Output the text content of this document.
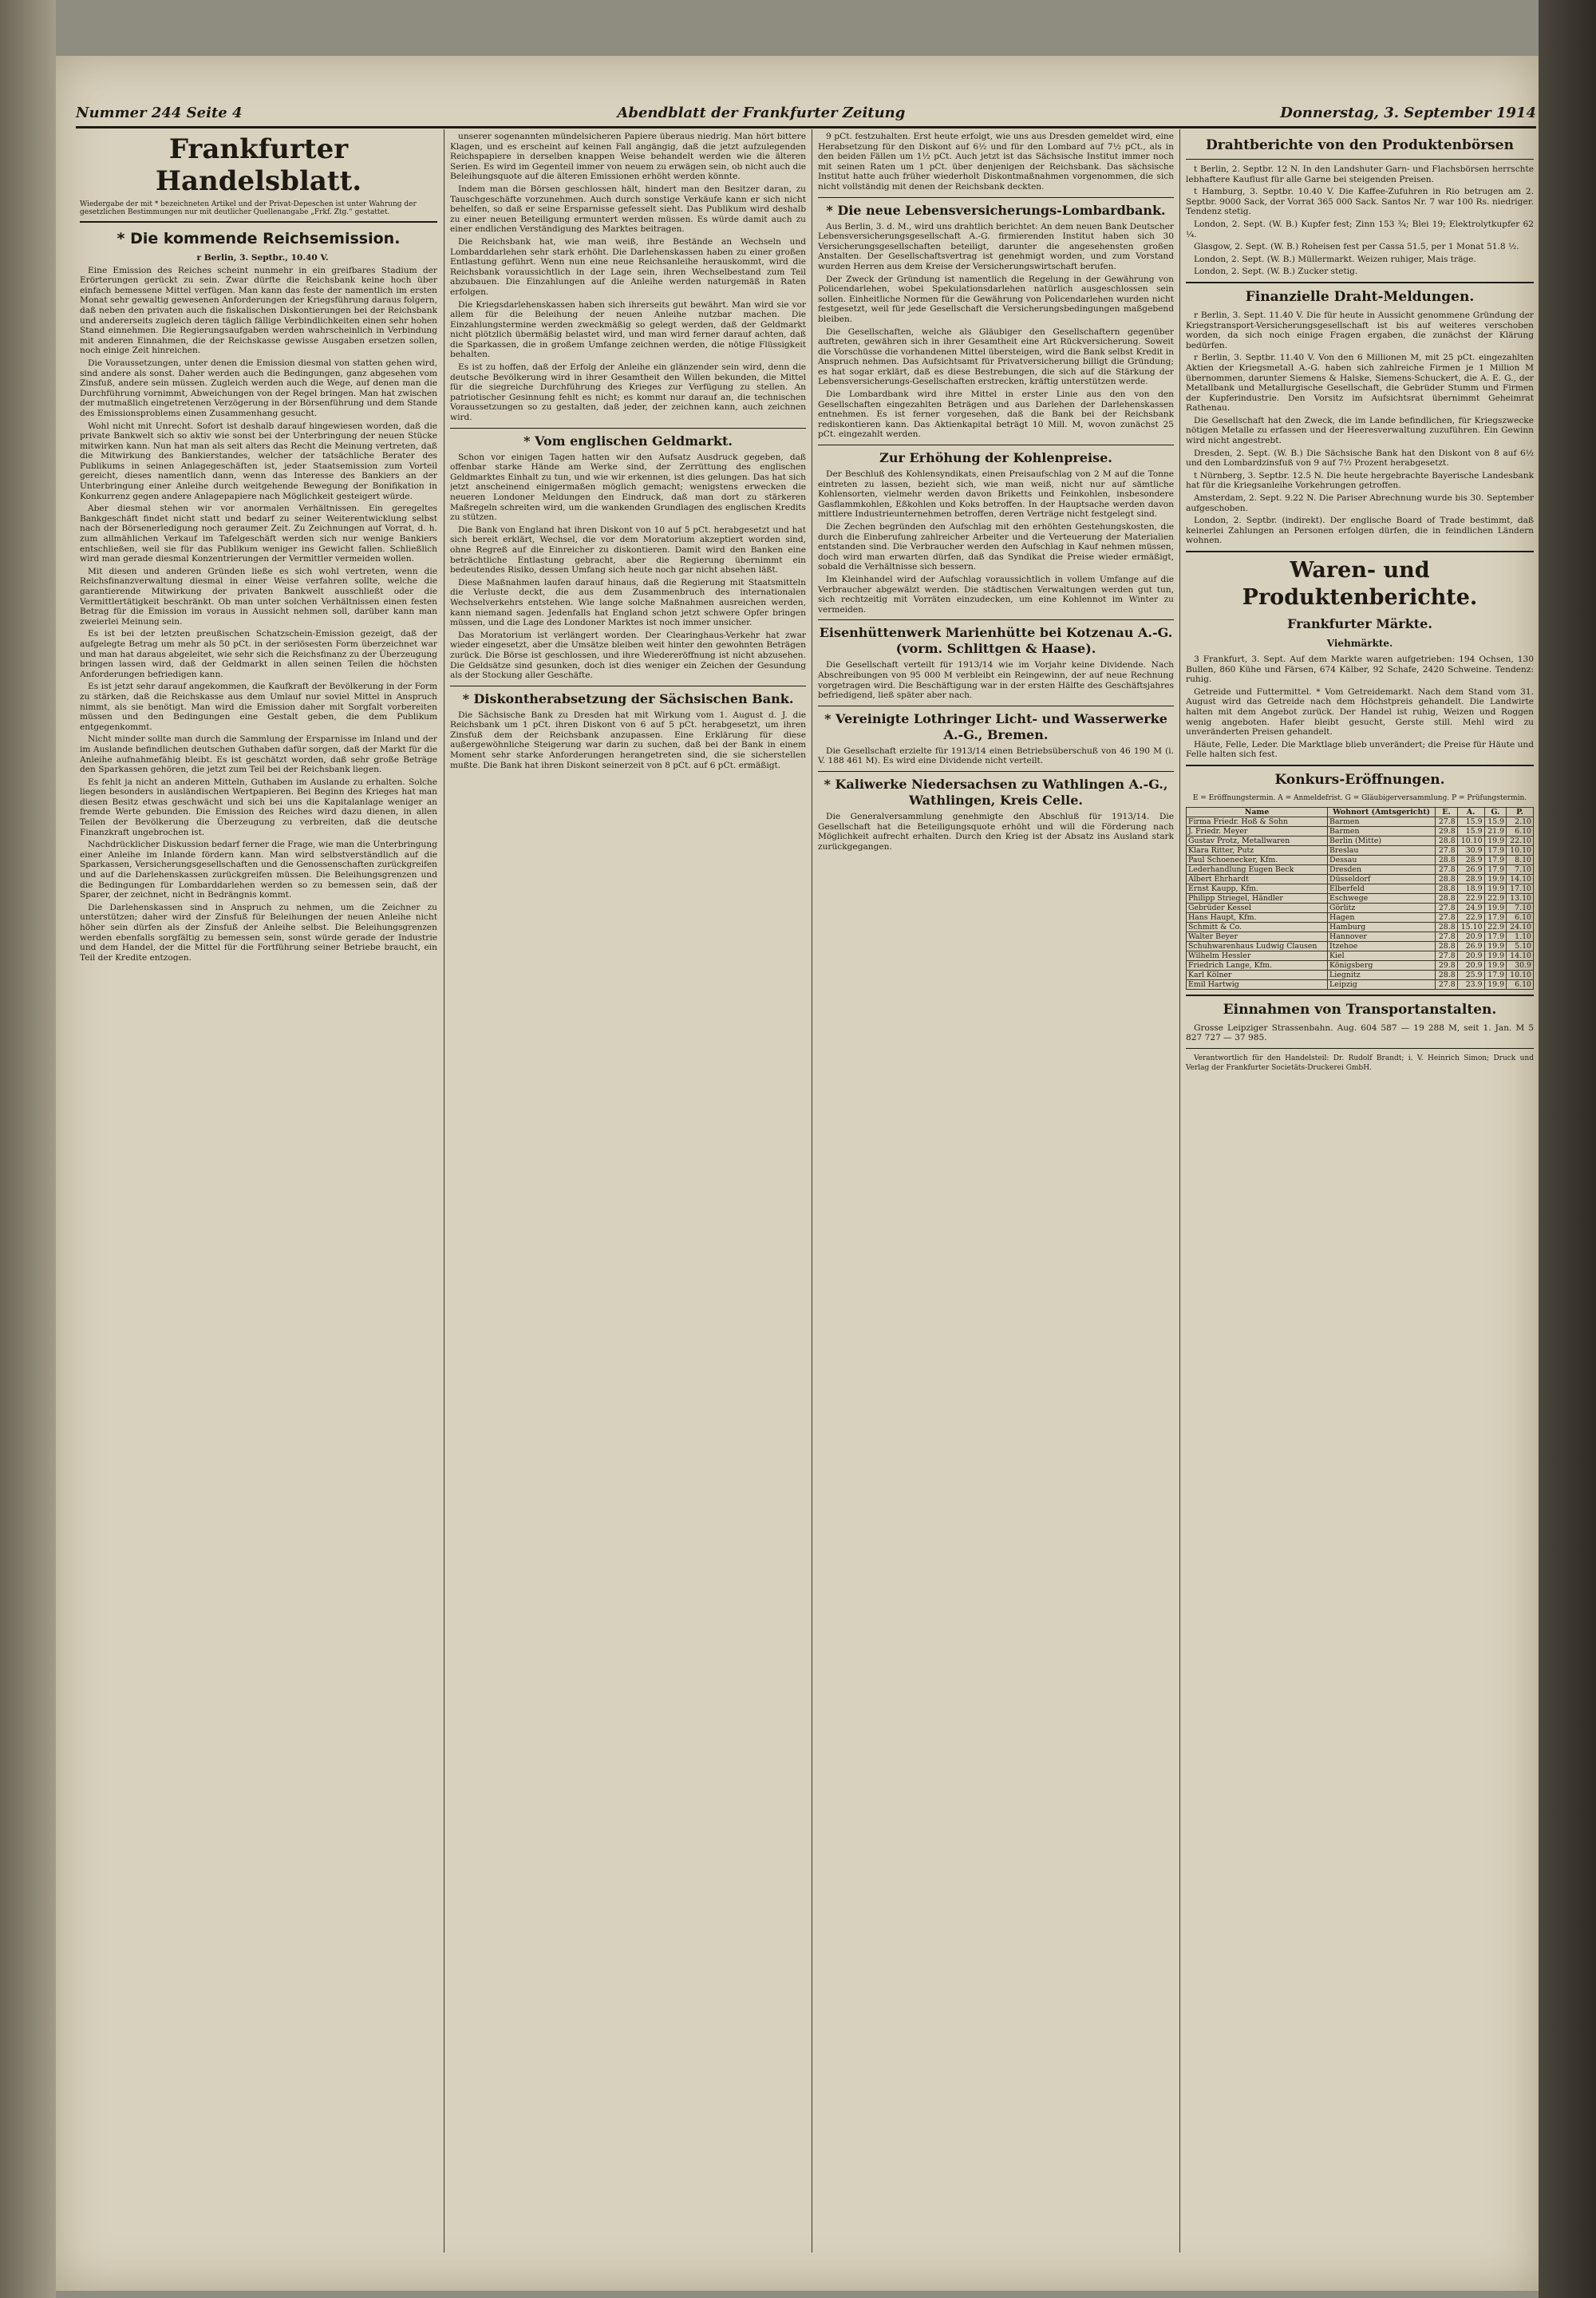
Nummer 244 Seite 4	Abendblatt der Frankfurter Zeitung	Donnerstag, 3. September 1914
Frankfurter Handelsblatt.
Wiedergabe der mit * bezeichneten Artikel und der Privat-Depeschen ist unter Wahrung der gesetzlichen Bestimmungen nur mit deutlicher Quellenangabe „Frkf. Ztg.“ gestattet.
* Die kommende Reichsemission.

r Berlin, 3. Septbr., 10.40 V.

Eine Emission des Reiches scheint nunmehr in ein greifbares Stadium der Erörterungen gerückt zu sein. Zwar dürfte die Reichsbank keine hoch über einfach bemessene Mittel verfügen. Man kann das feste der namentlich im ersten Monat sehr gewaltig gewesenen Anforderungen der Kriegsführung daraus folgern, daß neben den privaten auch die fiskalischen Diskontierungen bei der Reichsbank und andererseits zugleich deren täglich fällige Verbindlichkeiten einen sehr hohen Stand einnehmen. Die Regierungsaufgaben werden wahrscheinlich in Verbindung mit anderen Einnahmen, die der Reichskasse gewisse Ausgaben ersetzen sollen, noch einige Zeit hinreichen.

Die Voraussetzungen, unter denen die Emission diesmal von statten gehen wird, sind andere als sonst. Daher werden auch die Bedingungen, ganz abgesehen vom Zinsfuß, andere sein müssen. Zugleich werden auch die Wege, auf denen man die Durchführung vornimmt, Abweichungen von der Regel bringen. Man hat zwischen der mutmaßlich eingetretenen Verzögerung in der Börsenführung und dem Stande des Emissionsproblems einen Zusammenhang gesucht.

Wohl nicht mit Unrecht. Sofort ist deshalb darauf hingewiesen worden, daß die private Bankwelt sich so aktiv wie sonst bei der Unterbringung der neuen Stücke mitwirken kann. Nun hat man als seit alters das Recht die Meinung vertreten, daß die Mitwirkung des Bankierstandes, welcher der tatsächliche Berater des Publikums in seinen Anlagegeschäften ist, jeder Staatsemission zum Vorteil gereicht, dieses namentlich dann, wenn das Interesse des Bankiers an der Unterbringung einer Anleihe durch weitgehende Bewegung der Bonifikation in Konkurrenz gegen andere Anlagepapiere nach Möglichkeit gesteigert würde.

Aber diesmal stehen wir vor anormalen Verhältnissen. Ein geregeltes Bankgeschäft findet nicht statt und bedarf zu seiner Weiterentwicklung selbst nach der Börsenerledigung noch geraumer Zeit. Zu Zeichnungen auf Vorrat, d. h. zum allmählichen Verkauf im Tafelgeschäft werden sich nur wenige Bankiers entschließen, weil sie für das Publikum weniger ins Gewicht fallen. Schließlich wird man gerade diesmal Konzentrierungen der Vermittler vermeiden wollen.

Mit diesen und anderen Gründen ließe es sich wohl vertreten, wenn die Reichsfinanzverwaltung diesmal in einer Weise verfahren sollte, welche die garantierende Mitwirkung der privaten Bankwelt ausschließt oder die Vermittlertätigkeit beschränkt. Ob man unter solchen Verhältnissen einen festen Betrag für die Emission im voraus in Aussicht nehmen soll, darüber kann man zweierlei Meinung sein.

Es ist bei der letzten preußischen Schatzschein-Emission gezeigt, daß der aufgelegte Betrag um mehr als 50 pCt. in der seriösesten Form überzeichnet war und man hat daraus abgeleitet, wie sehr sich die Reichsfinanz zu der Überzeugung bringen lassen wird, daß der Geldmarkt in allen seinen Teilen die höchsten Anforderungen befriedigen kann.

Es ist jetzt sehr darauf angekommen, die Kaufkraft der Bevölkerung in der Form zu stärken, daß die Reichskasse aus dem Umlauf nur soviel Mittel in Anspruch nimmt, als sie benötigt. Man wird die Emission daher mit Sorgfalt vorbereiten müssen und den Bedingungen eine Gestalt geben, die dem Publikum entgegenkommt.

Nicht minder sollte man durch die Sammlung der Ersparnisse im Inland und der im Auslande befindlichen deutschen Guthaben dafür sorgen, daß der Markt für die Anleihe aufnahmefähig bleibt. Es ist geschätzt worden, daß sehr große Beträge den Sparkassen gehören, die jetzt zum Teil bei der Reichsbank liegen.

Es fehlt ja nicht an anderen Mitteln, Guthaben im Auslande zu erhalten. Solche liegen besonders in ausländischen Wertpapieren. Bei Beginn des Krieges hat man diesen Besitz etwas geschwächt und sich bei uns die Kapitalanlage weniger an fremde Werte gebunden. Die Emission des Reiches wird dazu dienen, in allen Teilen der Bevölkerung die Überzeugung zu verbreiten, daß die deutsche Finanzkraft ungebrochen ist.

Nachdrücklicher Diskussion bedarf ferner die Frage, wie man die Unterbringung einer Anleihe im Inlande fördern kann. Man wird selbstverständlich auf die Sparkassen, Versicherungsgesellschaften und die Genossenschaften zurückgreifen und auf die Darlehenskassen zurückgreifen müssen. Die Beleihungsgrenzen und die Bedingungen für Lombarddarlehen werden so zu bemessen sein, daß der Sparer, der zeichnet, nicht in Bedrängnis kommt.

Die Darlehenskassen sind in Anspruch zu nehmen, um die Zeichner zu unterstützen; daher wird der Zinsfuß für Beleihungen der neuen Anleihe nicht höher sein dürfen als der Zinsfuß der Anleihe selbst. Die Beleihungsgrenzen werden ebenfalls sorgfältig zu bemessen sein, sonst würde gerade der Industrie und dem Handel, der die Mittel für die Fortführung seiner Betriebe braucht, ein Teil der Kredite entzogen.

unserer sogenannten mündelsicheren Papiere überaus niedrig. Man hört bittere Klagen, und es erscheint auf keinen Fall angängig, daß die jetzt aufzulegenden Reichspapiere in derselben knappen Weise behandelt werden wie die älteren Serien. Es wird im Gegenteil immer von neuem zu erwägen sein, ob nicht auch die Beleihungsquote auf die älteren Emissionen erhöht werden könnte.

Indem man die Börsen geschlossen hält, hindert man den Besitzer daran, zu Tauschgeschäfte vorzunehmen. Auch durch sonstige Verkäufe kann er sich nicht behelfen, so daß er seine Ersparnisse gefesselt sieht. Das Publikum wird deshalb zu einer neuen Beteiligung ermuntert werden müssen. Es würde damit auch zu einer endlichen Verständigung des Marktes beitragen.

Die Reichsbank hat, wie man weiß, ihre Bestände an Wechseln und Lombarddarlehen sehr stark erhöht. Die Darlehenskassen haben zu einer großen Entlastung geführt. Wenn nun eine neue Reichsanleihe herauskommt, wird die Reichsbank voraussichtlich in der Lage sein, ihren Wechselbestand zum Teil abzubauen. Die Einzahlungen auf die Anleihe werden naturgemäß in Raten erfolgen.

Die Kriegsdarlehenskassen haben sich ihrerseits gut bewährt. Man wird sie vor allem für die Beleihung der neuen Anleihe nutzbar machen. Die Einzahlungstermine werden zweckmäßig so gelegt werden, daß der Geldmarkt nicht plötzlich übermäßig belastet wird, und man wird ferner darauf achten, daß die Sparkassen, die in großem Umfange zeichnen werden, die nötige Flüssigkeit behalten.

Es ist zu hoffen, daß der Erfolg der Anleihe ein glänzender sein wird, denn die deutsche Bevölkerung wird in ihrer Gesamtheit den Willen bekunden, die Mittel für die siegreiche Durchführung des Krieges zur Verfügung zu stellen. An patriotischer Gesinnung fehlt es nicht; es kommt nur darauf an, die technischen Voraussetzungen so zu gestalten, daß jeder, der zeichnen kann, auch zeichnen wird.

* Vom englischen Geldmarkt.

Schon vor einigen Tagen hatten wir den Aufsatz Ausdruck gegeben, daß offenbar starke Hände am Werke sind, der Zerrüttung des englischen Geldmarktes Einhalt zu tun, und wie wir erkennen, ist dies gelungen. Das hat sich jetzt anscheinend einigermaßen möglich gemacht; wenigstens erwecken die neueren Londoner Meldungen den Eindruck, daß man dort zu stärkeren Maßregeln schreiten wird, um die wankenden Grundlagen des englischen Kredits zu stützen.

Die Bank von England hat ihren Diskont von 10 auf 5 pCt. herabgesetzt und hat sich bereit erklärt, Wechsel, die vor dem Moratorium akzeptiert worden sind, ohne Regreß auf die Einreicher zu diskontieren. Damit wird den Banken eine beträchtliche Entlastung gebracht, aber die Regierung übernimmt ein bedeutendes Risiko, dessen Umfang sich heute noch gar nicht absehen läßt.

Diese Maßnahmen laufen darauf hinaus, daß die Regierung mit Staatsmitteln die Verluste deckt, die aus dem Zusammenbruch des internationalen Wechselverkehrs entstehen. Wie lange solche Maßnahmen ausreichen werden, kann niemand sagen. Jedenfalls hat England schon jetzt schwere Opfer bringen müssen, und die Lage des Londoner Marktes ist noch immer unsicher.

Das Moratorium ist verlängert worden. Der Clearinghaus-Verkehr hat zwar wieder eingesetzt, aber die Umsätze bleiben weit hinter den gewohnten Beträgen zurück. Die Börse ist geschlossen, und ihre Wiedereröffnung ist nicht abzusehen. Die Geldsätze sind gesunken, doch ist dies weniger ein Zeichen der Gesundung als der Stockung aller Geschäfte.

* Diskontherabsetzung der Sächsischen Bank.

Die Sächsische Bank zu Dresden hat mit Wirkung vom 1. August d. J. die Reichsbank um 1 pCt. ihren Diskont von 6 auf 5 pCt. herabgesetzt, um ihren Zinsfuß dem der Reichsbank anzupassen. Eine Erklärung für diese außergewöhnliche Steigerung war darin zu suchen, daß bei der Bank in einem Moment sehr starke Anforderungen herangetreten sind, die sie sicherstellen mußte. Die Bank hat ihren Diskont seinerzeit von 8 pCt. auf 6 pCt. ermäßigt.

9 pCt. festzuhalten. Erst heute erfolgt, wie uns aus Dresden gemeldet wird, eine Herabsetzung für den Diskont auf 6½ und für den Lombard auf 7½ pCt., als in den beiden Fällen um 1½ pCt. Auch jetzt ist das Sächsische Institut immer noch mit seinen Raten um 1 pCt. über denjenigen der Reichsbank. Das sächsische Institut hatte auch früher wiederholt Diskontmaßnahmen vorgenommen, die sich nicht vollständig mit denen der Reichsbank deckten.

* Die neue Lebensversicherungs-Lombardbank.

Aus Berlin, 3. d. M., wird uns drahtlich berichtet: An dem neuen Bank Deutscher Lebensversicherungsgesellschaft A.-G. firmierenden Institut haben sich 30 Versicherungsgesellschaften beteiligt, darunter die angesehensten großen Anstalten. Der Gesellschaftsvertrag ist genehmigt worden, und zum Vorstand wurden Herren aus dem Kreise der Versicherungswirtschaft berufen.

Der Zweck der Gründung ist namentlich die Regelung in der Gewährung von Policendarlehen, wobei Spekulationsdarlehen natürlich ausgeschlossen sein sollen. Einheitliche Normen für die Gewährung von Policendarlehen wurden nicht festgesetzt, weil für jede Gesellschaft die Versicherungsbedingungen maßgebend bleiben.

Die Gesellschaften, welche als Gläubiger den Gesellschaftern gegenüber auftreten, gewähren sich in ihrer Gesamtheit eine Art Rückversicherung. Soweit die Vorschüsse die vorhandenen Mittel übersteigen, wird die Bank selbst Kredit in Anspruch nehmen. Das Aufsichtsamt für Privatversicherung billigt die Gründung; es hat sogar erklärt, daß es diese Bestrebungen, die sich auf die Stärkung der Lebensversicherungs-Gesellschaften erstrecken, kräftig unterstützen werde.

Die Lombardbank wird ihre Mittel in erster Linie aus den von den Gesellschaften eingezahlten Beträgen und aus Darlehen der Darlehenskassen entnehmen. Es ist ferner vorgesehen, daß die Bank bei der Reichsbank rediskontieren kann. Das Aktienkapital beträgt 10 Mill. M, wovon zunächst 25 pCt. eingezahlt werden.

Zur Erhöhung der Kohlenpreise.

Der Beschluß des Kohlensyndikats, einen Preisaufschlag von 2 M auf die Tonne eintreten zu lassen, bezieht sich, wie man weiß, nicht nur auf sämtliche Kohlensorten, vielmehr werden davon Briketts und Feinkohlen, insbesondere Gasflammkohlen, Eßkohlen und Koks betroffen. In der Hauptsache werden davon mittlere Industrieunternehmen betroffen, deren Verträge nicht festgelegt sind.

Die Zechen begründen den Aufschlag mit den erhöhten Gestehungskosten, die durch die Einberufung zahlreicher Arbeiter und die Verteuerung der Materialien entstanden sind. Die Verbraucher werden den Aufschlag in Kauf nehmen müssen, doch wird man erwarten dürfen, daß das Syndikat die Preise wieder ermäßigt, sobald die Verhältnisse sich bessern.

Im Kleinhandel wird der Aufschlag voraussichtlich in vollem Umfange auf die Verbraucher abgewälzt werden. Die städtischen Verwaltungen werden gut tun, sich rechtzeitig mit Vorräten einzudecken, um eine Kohlennot im Winter zu vermeiden.

Eisenhüttenwerk Marienhütte bei Kotzenau A.-G. (vorm. Schlittgen & Haase).

Die Gesellschaft verteilt für 1913/14 wie im Vorjahr keine Dividende. Nach Abschreibungen von 95 000 M verbleibt ein Reingewinn, der auf neue Rechnung vorgetragen wird. Die Beschäftigung war in der ersten Hälfte des Geschäftsjahres befriedigend, ließ später aber nach.

* Vereinigte Lothringer Licht- und Wasserwerke A.-G., Bremen.

Die Gesellschaft erzielte für 1913/14 einen Betriebsüberschuß von 46 190 M (i. V. 188 461 M). Es wird eine Dividende nicht verteilt.

* Kaliwerke Niedersachsen zu Wathlingen A.-G., Wathlingen, Kreis Celle.

Die Generalversammlung genehmigte den Abschluß für 1913/14. Die Gesellschaft hat die Beteiligungsquote erhöht und will die Förderung nach Möglichkeit aufrecht erhalten. Durch den Krieg ist der Absatz ins Ausland stark zurückgegangen.

Drahtberichte von den Produktenbörsen

t Berlin, 2. Septbr. 12 N. In den Landshuter Garn- und Flachsbörsen herrschte lebhaftere Kauflust für alle Garne bei steigenden Preisen.

t Hamburg, 3. Septbr. 10.40 V. Die Kaffee-Zufuhren in Rio betrugen am 2. Septbr. 9000 Sack, der Vorrat 365 000 Sack. Santos Nr. 7 war 100 Rs. niedriger. Tendenz stetig.

London, 2. Sept. (W. B.) Kupfer fest; Zinn 153 ¾; Blei 19; Elektrolytkupfer 62 ¼.

Glasgow, 2. Sept. (W. B.) Roheisen fest per Cassa 51.5, per 1 Monat 51.8 ½.

London, 2. Sept. (W. B.) Müllermarkt. Weizen ruhiger, Mais träge.

London, 2. Sept. (W. B.) Zucker stetig.

Finanzielle Draht-Meldungen.

r Berlin, 3. Sept. 11.40 V. Die für heute in Aussicht genommene Gründung der Kriegstransport-Versicherungsgesellschaft ist bis auf weiteres verschoben worden, da sich noch einige Fragen ergaben, die zunächst der Klärung bedürfen.

r Berlin, 3. Septbr. 11.40 V. Von den 6 Millionen M, mit 25 pCt. eingezahlten Aktien der Kriegsmetall A.-G. haben sich zahlreiche Firmen je 1 Million M übernommen, darunter Siemens & Halske, Siemens-Schuckert, die A. E. G., der Metallbank und Metallurgische Gesellschaft, die Gebrüder Stumm und Firmen der Kupferindustrie. Den Vorsitz im Aufsichtsrat übernimmt Geheimrat Rathenau.

Die Gesellschaft hat den Zweck, die im Lande befindlichen, für Kriegszwecke nötigen Metalle zu erfassen und der Heeresverwaltung zuzuführen. Ein Gewinn wird nicht angestrebt.

Dresden, 2. Sept. (W. B.) Die Sächsische Bank hat den Diskont von 8 auf 6½ und den Lombardzinsfuß von 9 auf 7½ Prozent herabgesetzt.

t Nürnberg, 3. Septbr. 12.5 N. Die heute hergebrachte Bayerische Landesbank hat für die Kriegsanleihe Vorkehrungen getroffen.

Amsterdam, 2. Sept. 9.22 N. Die Pariser Abrechnung wurde bis 30. September aufgeschoben.

London, 2. Septbr. (indirekt). Der englische Board of Trade bestimmt, daß keinerlei Zahlungen an Personen erfolgen dürfen, die in feindlichen Ländern wohnen.

Waren- und Produktenberichte.
Frankfurter Märkte.
Viehmärkte.

3 Frankfurt, 3. Sept. Auf dem Markte waren aufgetrieben: 194 Ochsen, 130 Bullen, 860 Kühe und Färsen, 674 Kälber, 92 Schafe, 2420 Schweine. Tendenz: ruhig.

Getreide und Futtermittel. * Vom Getreidemarkt. Nach dem Stand vom 31. August wird das Getreide nach dem Höchstpreis gehandelt. Die Landwirte halten mit dem Angebot zurück. Der Handel ist ruhig, Weizen und Roggen wenig angeboten. Hafer bleibt gesucht, Gerste still. Mehl wird zu unveränderten Preisen gehandelt.

Häute, Felle, Leder. Die Marktlage blieb unverändert; die Preise für Häute und Felle halten sich fest.

Konkurs-Eröffnungen.
E = Eröffnungstermin. A = Anmeldefrist. G = Gläubigerversammlung. P = Prüfungstermin.
Name	Wohnort (Amtsgericht)	E.	A.	G.	P.
Firma Friedr. Hoß & Sohn	Barmen	27.8	15.9	15.9	2.10
J. Friedr. Meyer	Barmen	29.8	15.9	21.9	6.10
Gustav Protz, Metallwaren	Berlin (Mitte)	28.8	10.10	19.9	22.10
Klara Ritter, Putz	Breslau	27.8	30.9	17.9	10.10
Paul Schoenecker, Kfm.	Dessau	28.8	28.9	17.9	8.10
Lederhandlung Eugen Beck	Dresden	27.8	26.9	17.9	7.10
Albert Ehrhardt	Düsseldorf	28.8	28.9	19.9	14.10
Ernst Kaupp, Kfm.	Elberfeld	28.8	18.9	19.9	17.10
Philipp Striegel, Händler	Eschwege	28.8	22.9	22.9	13.10
Gebrüder Kessel	Görlitz	27.8	24.9	19.9	7.10
Hans Haupt, Kfm.	Hagen	27.8	22.9	17.9	6.10
Schmitt & Co.	Hamburg	28.8	15.10	22.9	24.10
Walter Beyer	Hannover	27.8	20.9	17.9	1.10
Schuhwarenhaus Ludwig Clausen	Itzehoe	28.8	26.9	19.9	5.10
Wilhelm Hessler	Kiel	27.8	20.9	19.9	14.10
Friedrich Lange, Kfm.	Königsberg	29.8	20.9	19.9	30.9
Karl Kölner	Liegnitz	28.8	25.9	17.9	10.10
Emil Hartwig	Leipzig	27.8	23.9	19.9	6.10
Einnahmen von Transportanstalten.

Grosse Leipziger Strassenbahn. Aug. 604 587 — 19 288 M, seit 1. Jan. M 5 827 727 — 37 985.

Verantwortlich für den Handelsteil: Dr. Rudolf Brandt; i. V. Heinrich Simon; Druck und Verlag der Frankfurter Societäts-Druckerei GmbH.
